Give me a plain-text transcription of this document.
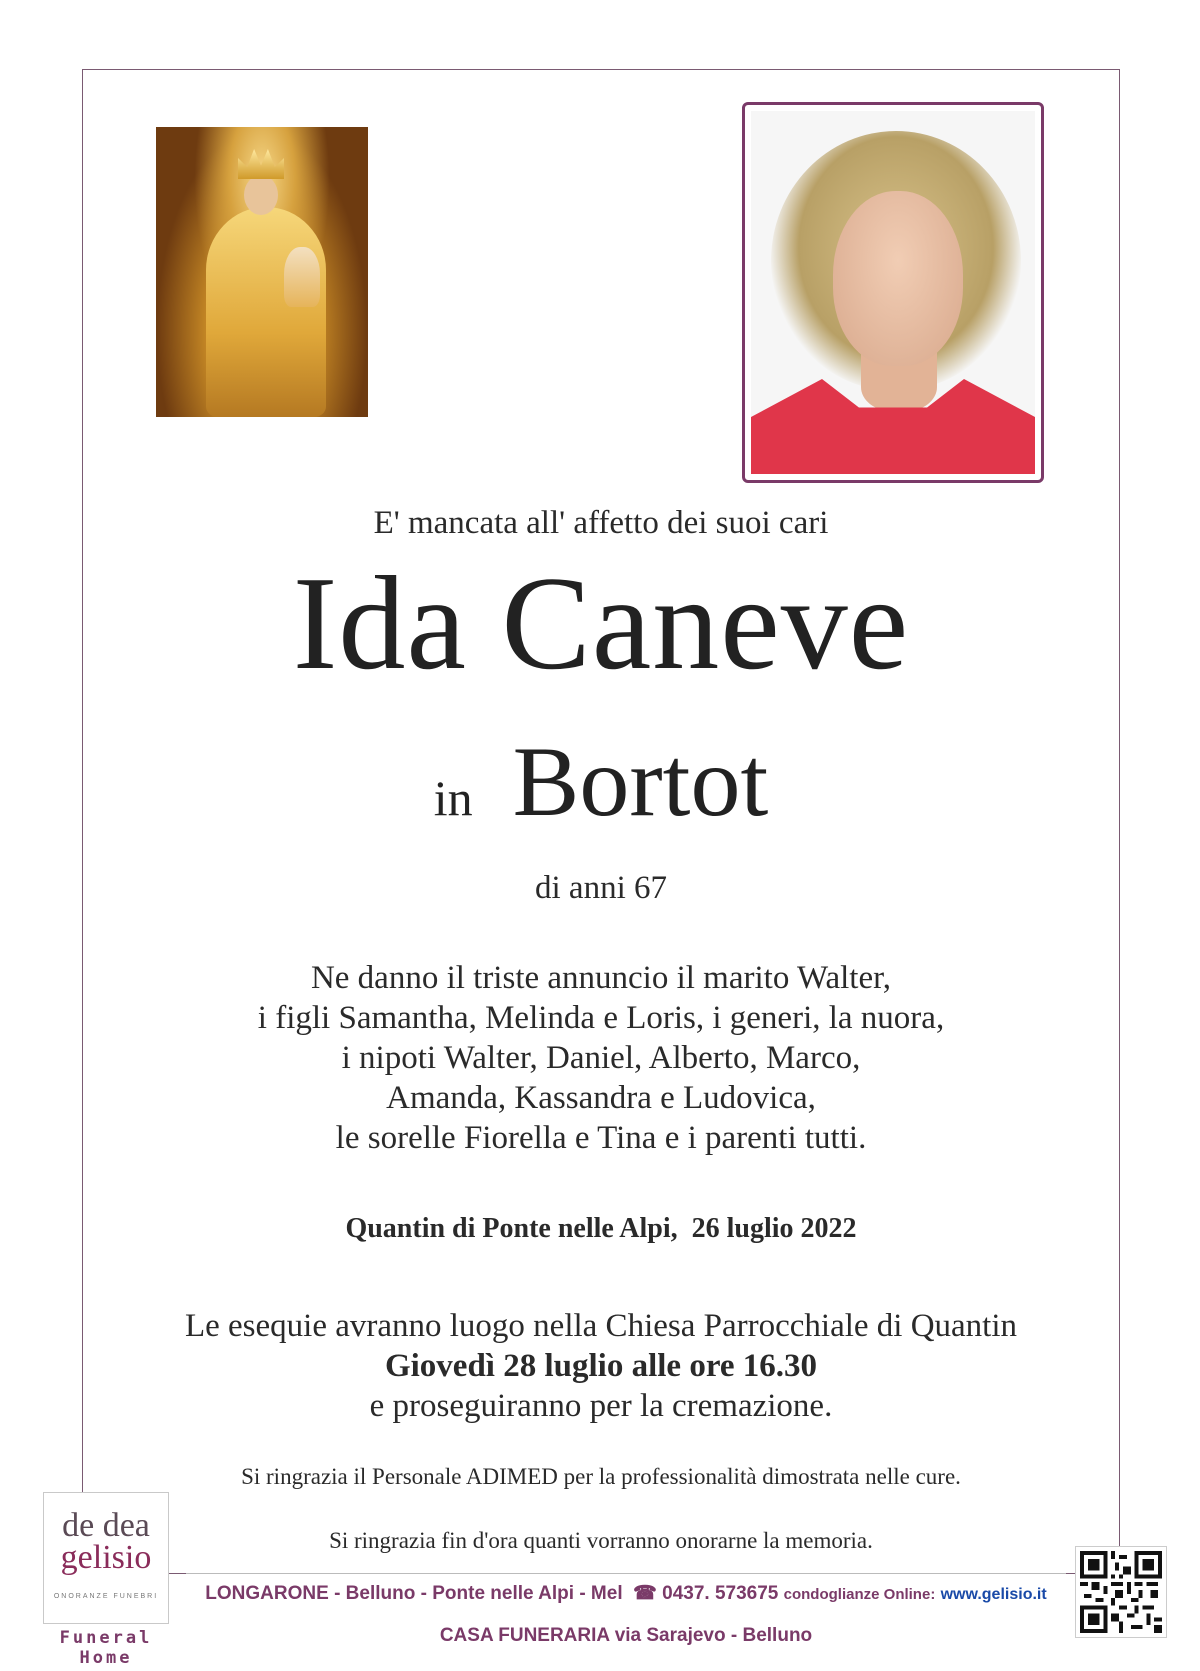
E' mancata all' affetto dei suoi cari
Ida Caneve
in Bortot
di anni 67
Ne danno il triste annuncio il marito Walter,
i figli Samantha, Melinda e Loris, i generi, la nuora,
i nipoti Walter, Daniel, Alberto, Marco,
Amanda, Kassandra e Ludovica,
le sorelle Fiorella e Tina e i parenti tutti.
Quantin di Ponte nelle Alpi,  26 luglio 2022
Le esequie avranno luogo nella Chiesa Parrocchiale di Quantin
Giovedì 28 luglio alle ore 16.30
e proseguiranno per la cremazione.
Si ringrazia il Personale ADIMED per la professionalità dimostrata nelle cure.
Si ringrazia fin d'ora quanti vorranno onorarne la memoria.
de dea
gelisio
ONORANZE FUNEBRI
Funeral Home
LONGARONE - Belluno - Ponte nelle Alpi - Mel  ☎ 0437. 573675 condoglianze Online: www.gelisio.it
CASA FUNERARIA via Sarajevo - Belluno
